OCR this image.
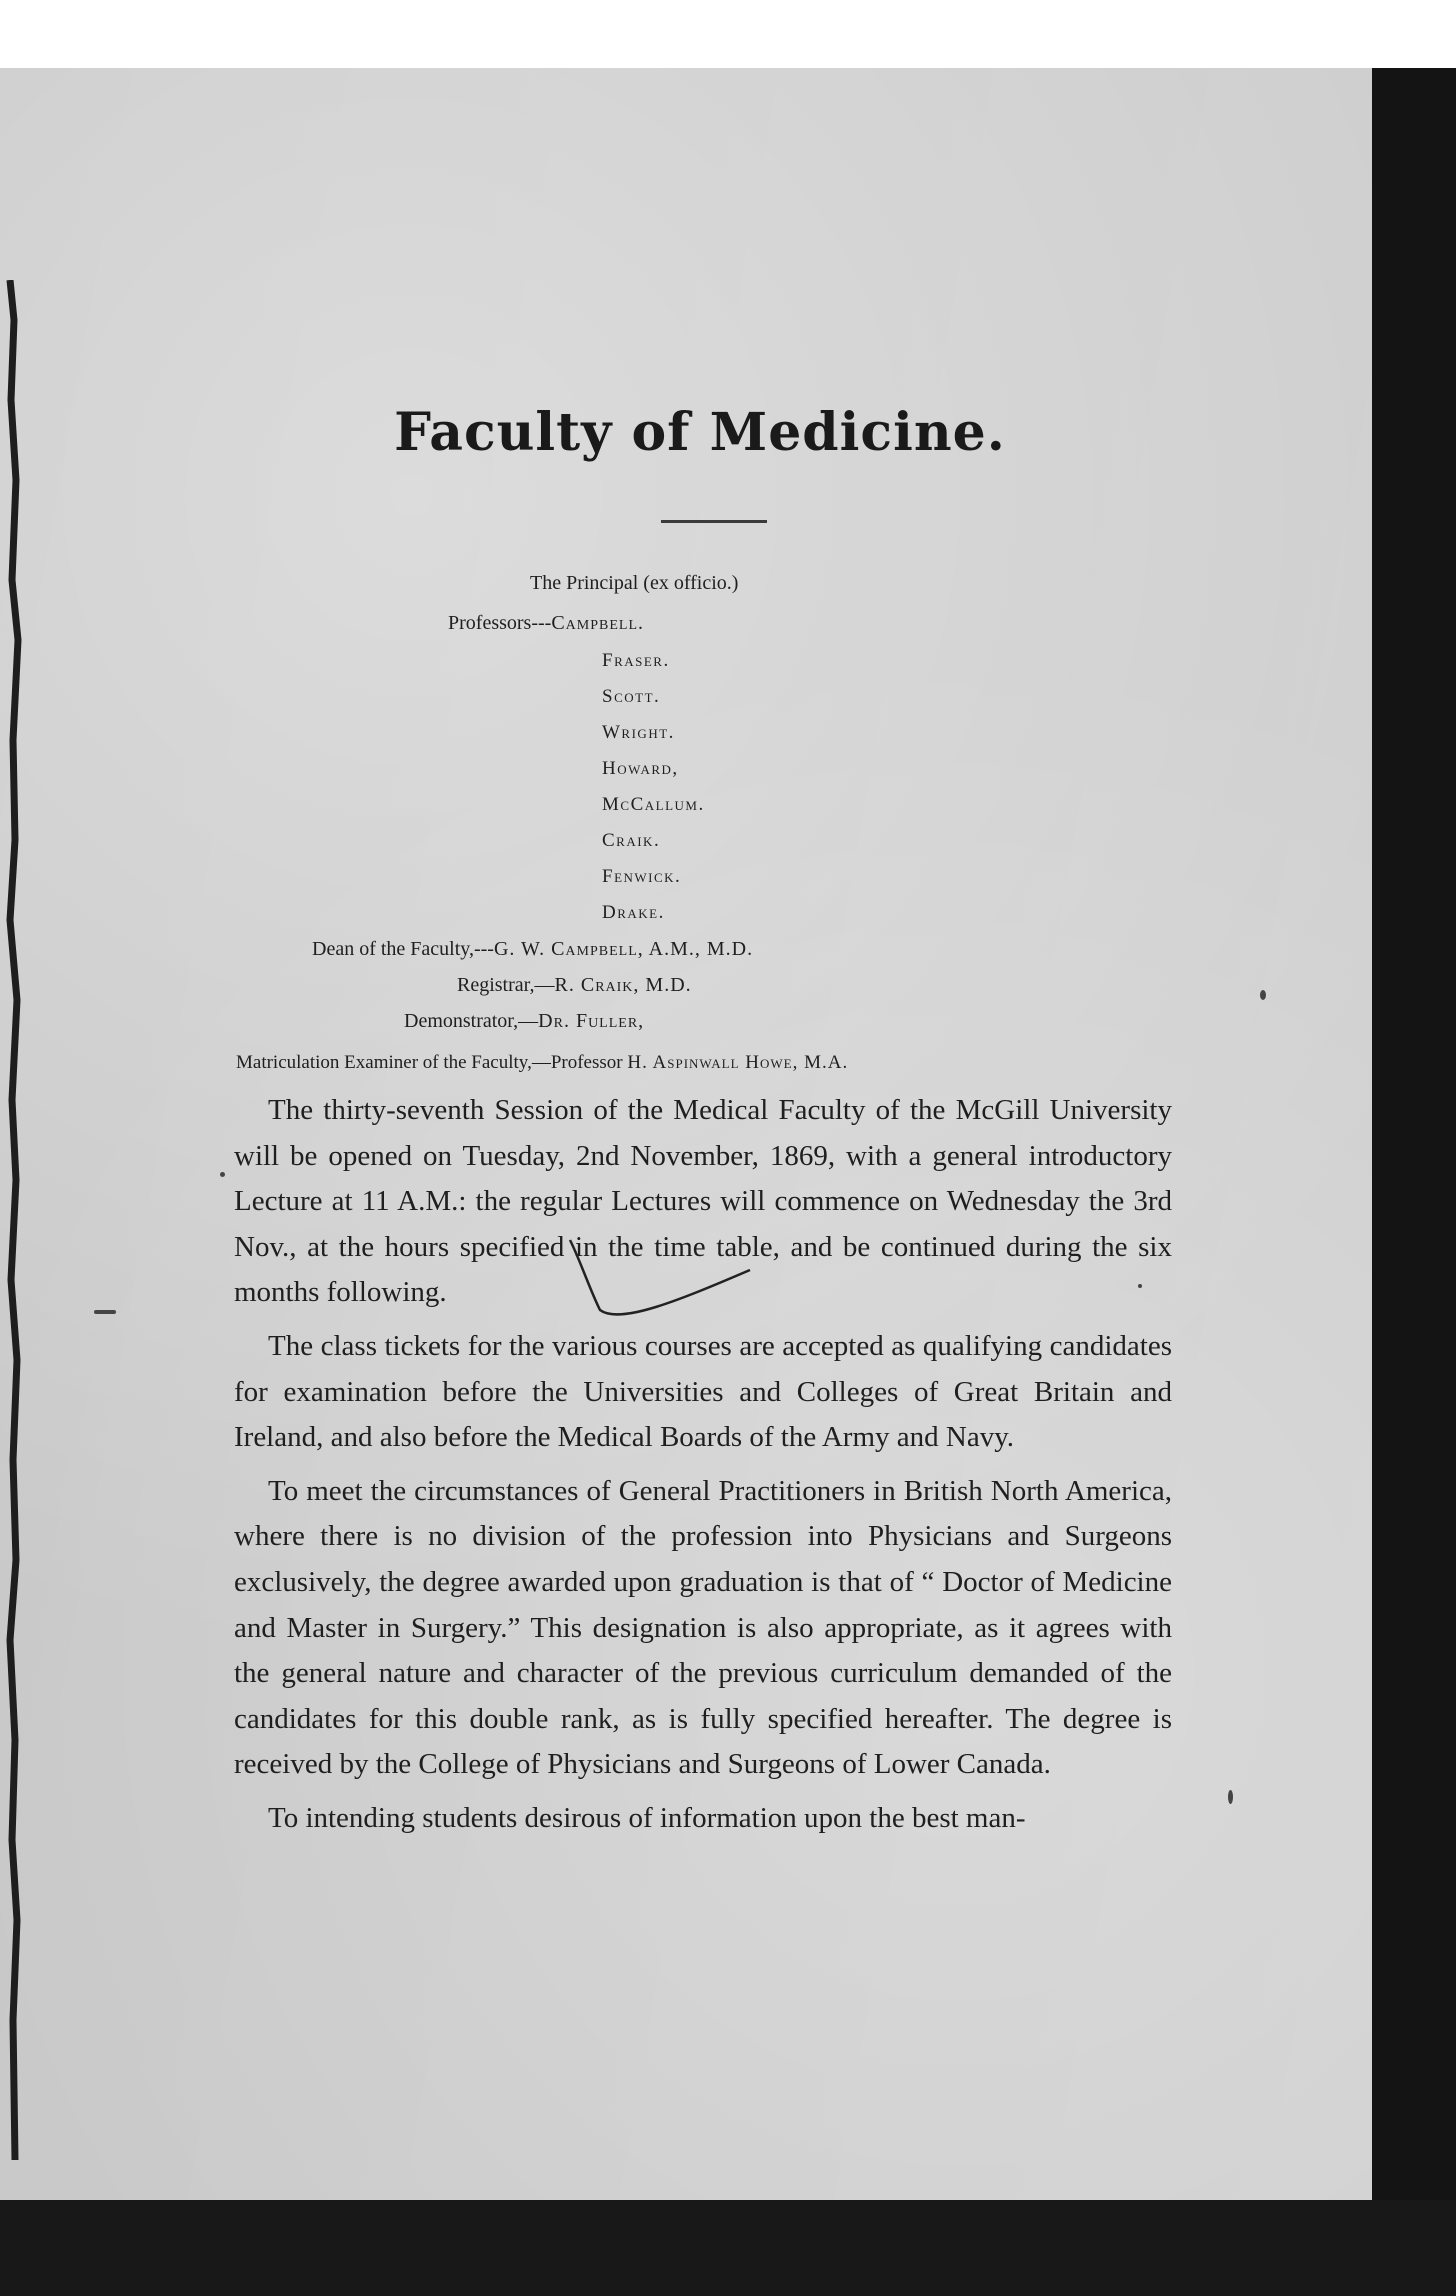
Faculty of Medicine.
The Principal (ex officio.)
Professors---Campbell.
Fraser.
Scott.
Wright.
Howard,
McCallum.
Craik.
Fenwick.
Drake.
Dean of the Faculty,---G. W. Campbell, A.M., M.D.
Registrar,—R. Craik, M.D.
Demonstrator,—Dr. Fuller,
Matriculation Examiner of the Faculty,—Professor H. Aspinwall Howe, M.A.

The thirty-seventh Session of the Medical Faculty of the McGill University will be opened on Tuesday, 2nd November, 1869, with a general introductory Lecture at 11 A.M.: the regular Lectures will commence on Wednesday the 3rd Nov., at the hours specified in the time table, and be continued during the six months following.

The class tickets for the various courses are accepted as qualifying candidates for examination before the Universities and Colleges of Great Britain and Ireland, and also before the Medical Boards of the Army and Navy.

To meet the circumstances of General Practitioners in British North America, where there is no division of the profession into Physicians and Surgeons exclusively, the degree awarded upon graduation is that of “ Doctor of Medicine and Master in Surgery.” This designation is also appropriate, as it agrees with the general nature and character of the previous curriculum demanded of the candidates for this double rank, as is fully specified hereafter. The degree is received by the College of Physicians and Surgeons of Lower Canada.

To intending students desirous of information upon the best man-
